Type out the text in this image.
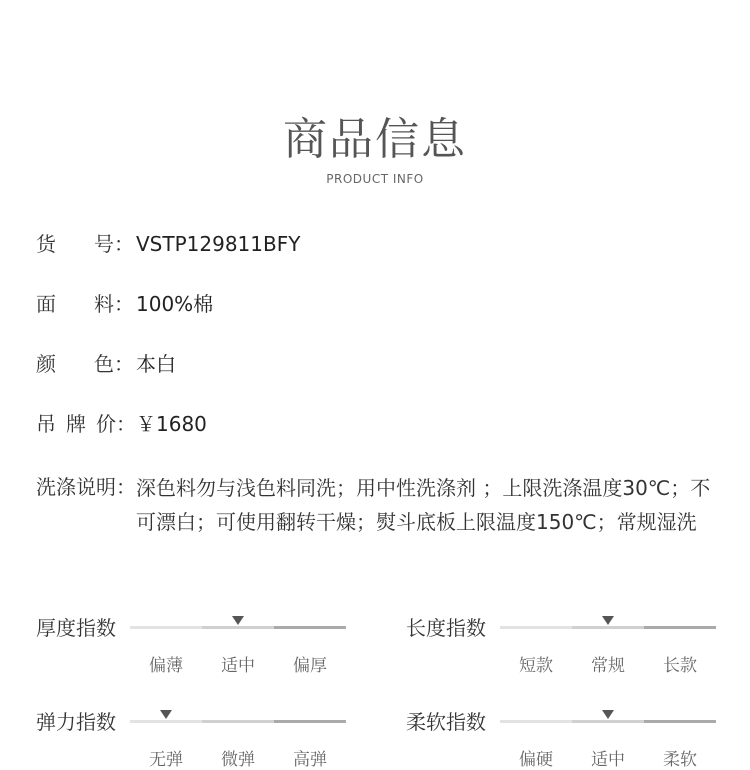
商品信息
PRODUCT INFO
货 号： VSTP129811BFY
面 料： 100%棉
颜 色： 本白
吊 牌 价： ￥1680
洗涤说明： 深色料勿与浅色料同洗；用中性洗涤剂 ；上限洗涤温度30℃；不
可漂白；可使用翻转干燥；熨斗底板上限温度150℃；常规湿洗
厚度指数
偏薄	适中	偏厚
长度指数
短款	常规	长款
弹力指数
无弹	微弹	高弹
柔软指数
偏硬	适中	柔软
